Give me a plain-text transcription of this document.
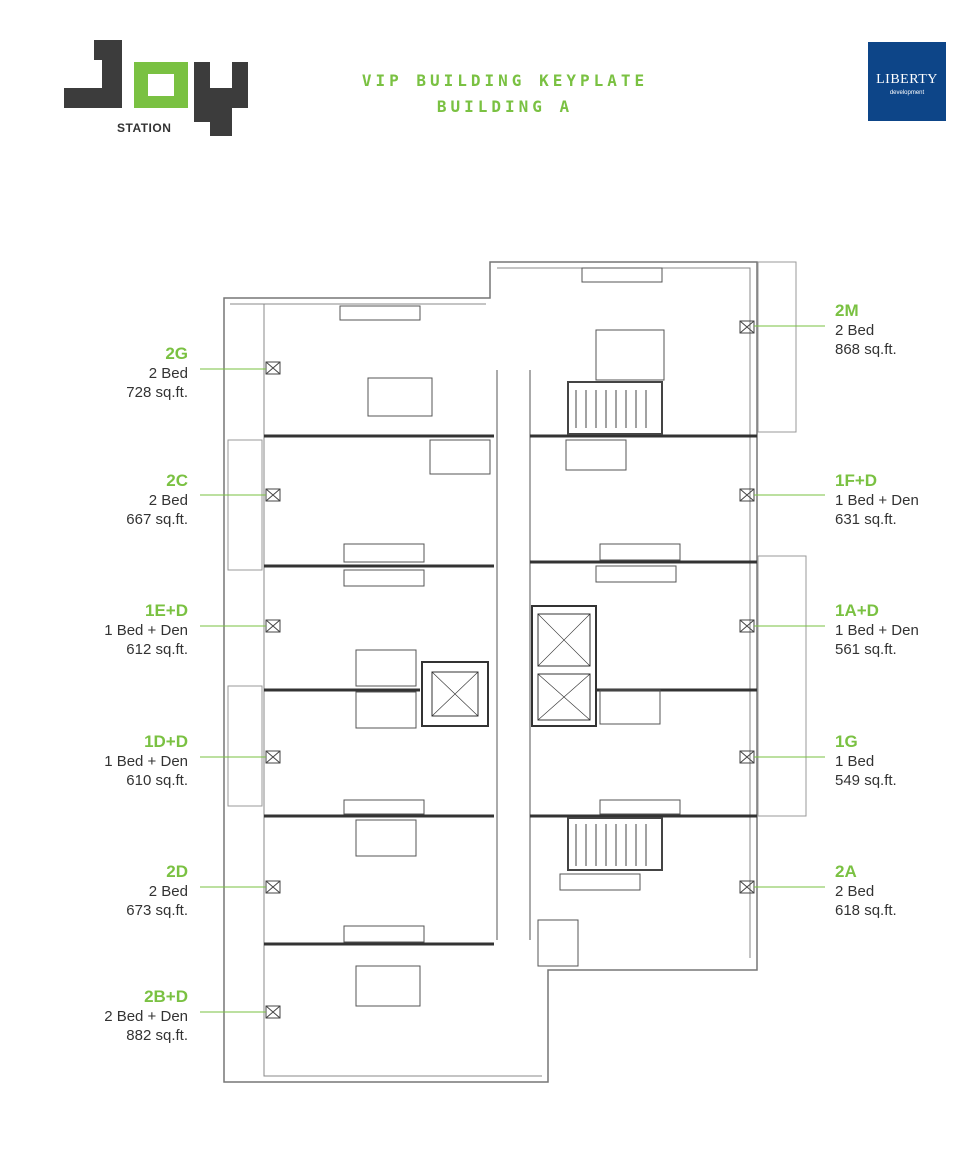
STATION
VIP BUILDING KEYPLATE
BUILDING A
LIBERTY
development
2G
2 Bed
728 sq.ft.
2C
2 Bed
667 sq.ft.
1E+D
1 Bed + Den
612 sq.ft.
1D+D
1 Bed + Den
610 sq.ft.
2D
2 Bed
673 sq.ft.
2B+D
2 Bed + Den
882 sq.ft.
2M
2 Bed
868 sq.ft.
1F+D
1 Bed + Den
631 sq.ft.
1A+D
1 Bed + Den
561 sq.ft.
1G
1 Bed
549 sq.ft.
2A
2 Bed
618 sq.ft.
